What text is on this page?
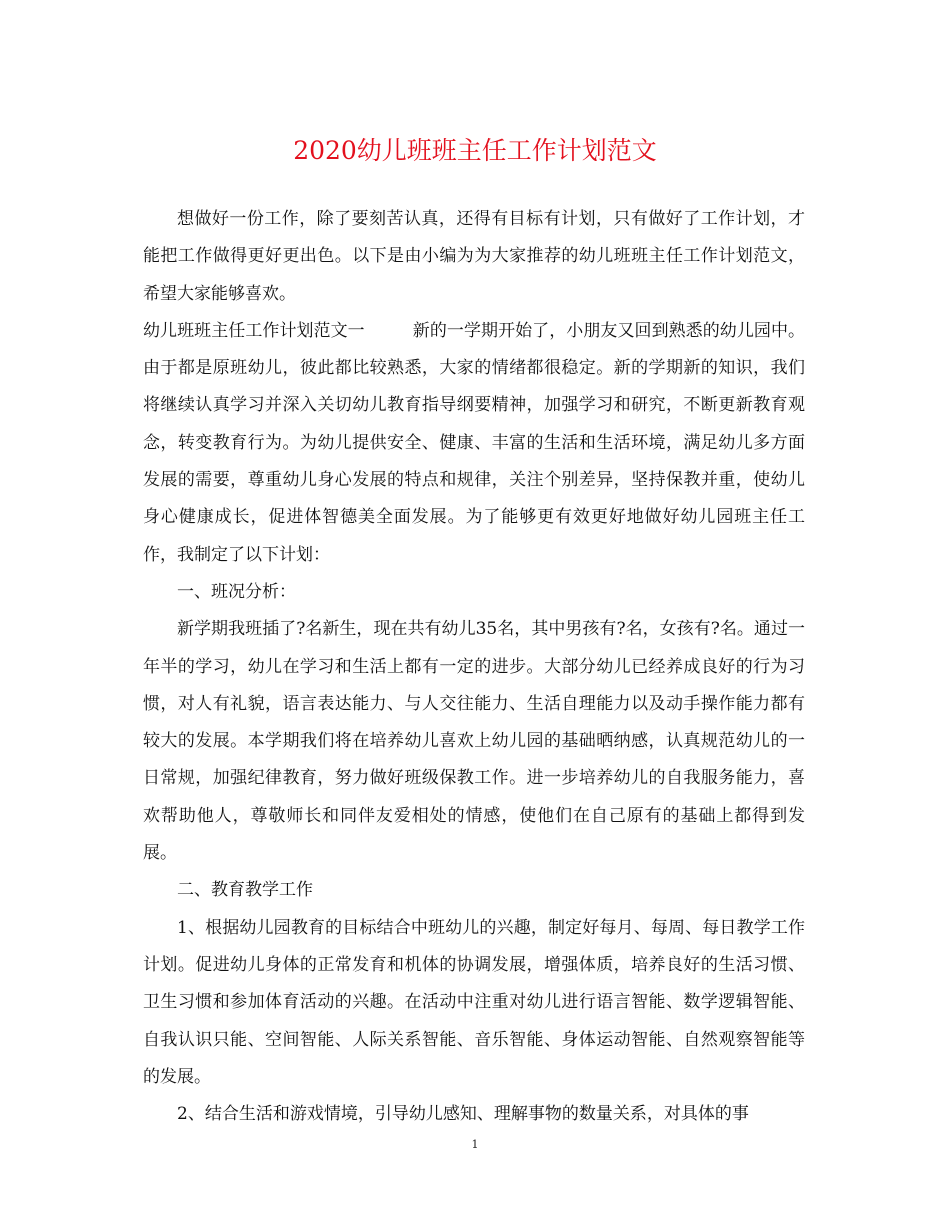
2020幼儿班班主任工作计划范文

想做好一份工作，除了要刻苦认真，还得有目标有计划，只有做好了工作计划，才能把工作做得更好更出色。以下是由小编为为大家推荐的幼儿班班主任工作计划范文，希望大家能够喜欢。

幼儿班班主任工作计划范文一	新的一学期开始了，小朋友又回到熟悉的幼儿园中。由于都是原班幼儿，彼此都比较熟悉，大家的情绪都很稳定。新的学期新的知识，我们将继续认真学习并深入关切幼儿教育指导纲要精神，加强学习和研究，不断更新教育观念，转变教育行为。为幼儿提供安全、健康、丰富的生活和生活环境，满足幼儿多方面发展的需要，尊重幼儿身心发展的特点和规律，关注个别差异，坚持保教并重，使幼儿身心健康成长，促进体智德美全面发展。为了能够更有效更好地做好幼儿园班主任工作，我制定了以下计划：

一、班况分析：

新学期我班插了?名新生，现在共有幼儿35名，其中男孩有?名，女孩有?名。通过一年半的学习，幼儿在学习和生活上都有一定的进步。大部分幼儿已经养成良好的行为习惯，对人有礼貌，语言表达能力、与人交往能力、生活自理能力以及动手操作能力都有较大的发展。本学期我们将在培养幼儿喜欢上幼儿园的基础晒纳感，认真规范幼儿的一日常规，加强纪律教育，努力做好班级保教工作。进一步培养幼儿的自我服务能力，喜欢帮助他人，尊敬师长和同伴友爱相处的情感，使他们在自己原有的基础上都得到发展。

二、教育教学工作

1、根据幼儿园教育的目标结合中班幼儿的兴趣，制定好每月、每周、每日教学工作计划。促进幼儿身体的正常发育和机体的协调发展，增强体质，培养良好的生活习惯、卫生习惯和参加体育活动的兴趣。在活动中注重对幼儿进行语言智能、数学逻辑智能、自我认识只能、空间智能、人际关系智能、音乐智能、身体运动智能、自然观察智能等的发展。

2、结合生活和游戏情境，引导幼儿感知、理解事物的数量关系，对具体的事

1
